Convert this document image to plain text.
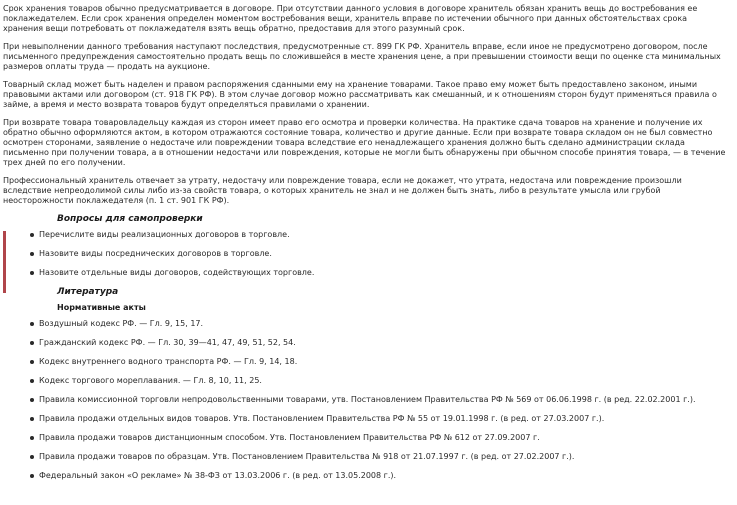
Срок хранения товаров обычно предусматривается в договоре. При отсутствии данного условия в договоре хранитель обязан хранить вещь до востребования ее поклажедателем. Если срок хранения определен моментом востребования вещи, хранитель вправе по истечении обычного при данных обстоятельствах срока хранения вещи потребовать от поклажедателя взять вещь обратно, предоставив для этого разумный срок.

При невыполнении данного требования наступают последствия, предусмотренные ст. 899 ГК РФ. Хранитель вправе, если иное не предусмотрено договором, после письменного предупреждения самостоятельно продать вещь по сложившейся в месте хранения цене, а при превышении стоимости вещи по оценке ста минимальных размеров оплаты труда — продать на аукционе.

Товарный склад может быть наделен и правом распоряжения сданными ему на хранение товарами. Такое право ему может быть предоставлено законом, иными правовыми актами или договором (ст. 918 ГК РФ). В этом случае договор можно рассматривать как смешанный, и к отношениям сторон будут применяться правила о займе, а время и место возврата товаров будут определяться правилами о хранении.

При возврате товара товаровладельцу каждая из сторон имеет право его осмотра и проверки количества. На практике сдача товаров на хранение и получение их обратно обычно оформляются актом, в котором отражаются состояние товара, количество и другие данные. Если при возврате товара складом он не был совместно осмотрен сторонами, заявление о недостаче или повреждении товара вследствие его ненадлежащего хранения должно быть сделано администрации склада письменно при получении товара, а в отношении недостачи или повреждения, которые не могли быть обнаружены при обычном способе принятия товара, — в течение трех дней по его получении.

Профессиональный хранитель отвечает за утрату, недостачу или повреждение товара, если не докажет, что утрата, недостача или повреждение произошли вследствие непреодолимой силы либо из-за свойств товара, о которых хранитель не знал и не должен быть знать, либо в результате умысла или грубой неосторожности поклажедателя (п. 1 ст. 901 ГК РФ).

Вопросы для самопроверки
Перечислите виды реализационных договоров в торговле.
Назовите виды посреднических договоров в торговле.
Назовите отдельные виды договоров, содействующих торговле.
Литература
Нормативные акты
Воздушный кодекс РФ. — Гл. 9, 15, 17.
Гражданский кодекс РФ. — Гл. 30, 39—41, 47, 49, 51, 52, 54.
Кодекс внутреннего водного транспорта РФ. — Гл. 9, 14, 18.
Кодекс торгового мореплавания. — Гл. 8, 10, 11, 25.
Правила комиссионной торговли непродовольственными товарами, утв. Постановлением Правительства РФ № 569 от 06.06.1998 г. (в ред. 22.02.2001 г.).
Правила продажи отдельных видов товаров. Утв. Постановлением Правительства РФ № 55 от 19.01.1998 г. (в ред. от 27.03.2007 г.).
Правила продажи товаров дистанционным способом. Утв. Постановлением Правительства РФ № 612 от 27.09.2007 г.
Правила продажи товаров по образцам. Утв. Постановлением Правительства № 918 от 21.07.1997 г. (в ред. от 27.02.2007 г.).
Федеральный закон «О рекламе» № 38-ФЗ от 13.03.2006 г. (в ред. от 13.05.2008 г.).
